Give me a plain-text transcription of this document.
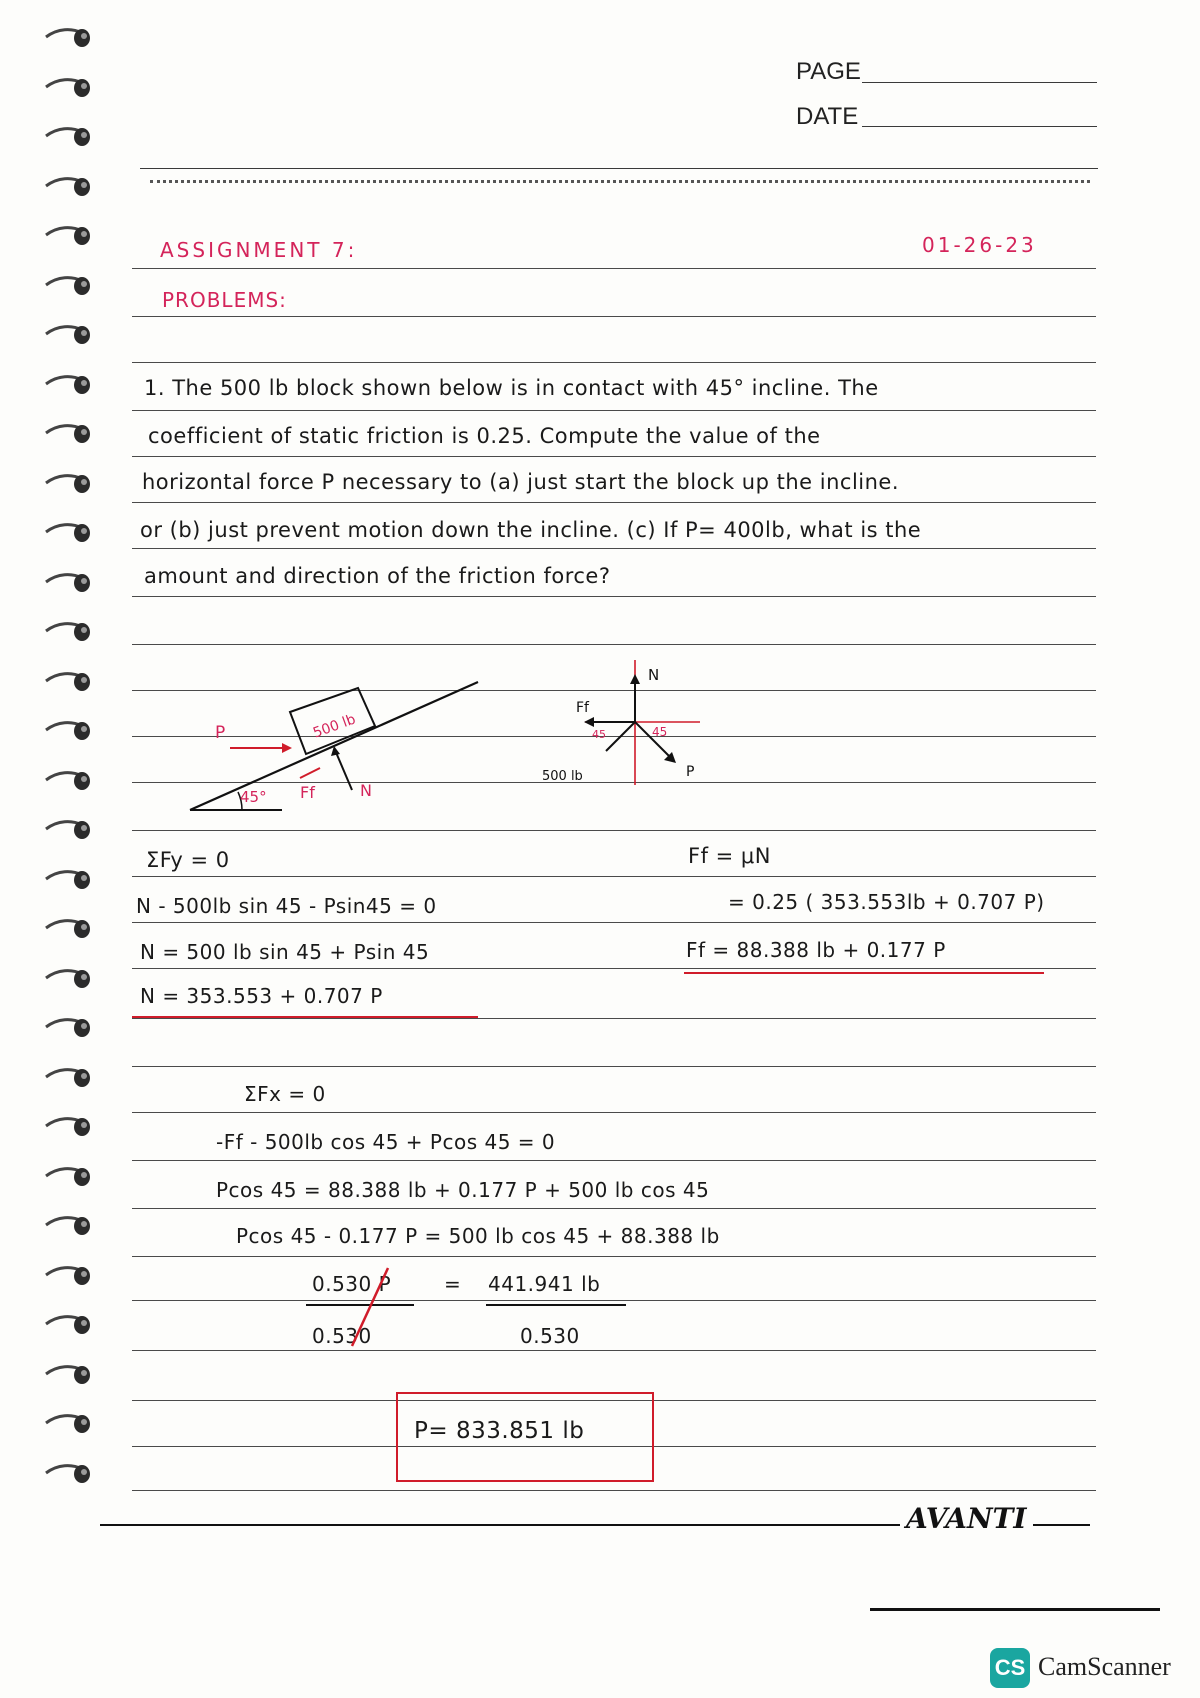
PAGE
DATE
ASSIGNMENT 7:	01-26-23
PROBLEMS:
1. The 500 lb block shown below is in contact with 45° incline. The
coefficient of static friction is 0.25. Compute the value of the
horizontal force P necessary to (a) just start the block up the incline.
or (b) just prevent motion down the incline. (c) If P= 400lb, what is the
amount and direction of the friction force?
P	500 lb
Ff	N
45°
N
Ff
45
45
500 lb	P
ΣFy = 0
N - 500lb sin 45 - Psin45 = 0
N = 500 lb sin 45 + Psin 45
N = 353.553 + 0.707 P
Ff = μN
= 0.25 ( 353.553lb + 0.707 P)
Ff = 88.388 lb + 0.177 P
ΣFx = 0
-Ff - 500lb cos 45 + Pcos 45 = 0
Pcos 45 = 88.388 lb + 0.177 P + 500 lb cos 45
Pcos 45 - 0.177 P = 500 lb cos 45 + 88.388 lb
0.530 P	= 441.941 lb
0.530	0.530
P= 833.851 lb
AVANTI
CS CamScanner
